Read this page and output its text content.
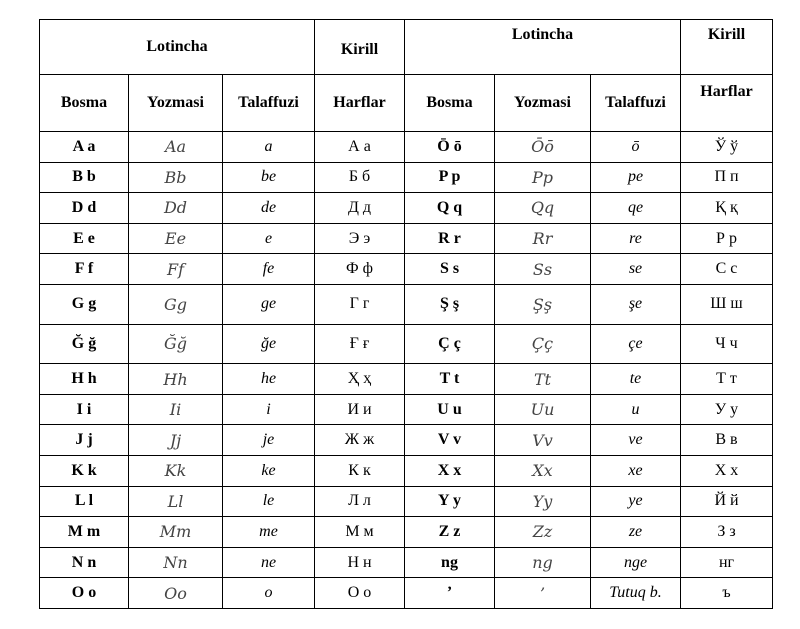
Lotincha			Kirill	Lotincha			Kirill
Bosma	Yozmasi	Talaffuzi	Harflar	Bosma	Yozmasi	Talaffuzi	Harflar
A a	Aa	a	А а	Ō ō	Ōō	ō	Ў ў
B b	Bb	be	Б б	P p	Pp	pe	П п
D d	Dd	de	Д д	Q q	Qq	qe	Қ қ
E e	Ee	e	Э э	R r	Rr	re	Р р
F f	Ff	fe	Ф ф	S s	Ss	se	С с
G g	Gg	ge	Г г	Ş ş	Şş	şe	Ш ш
Ğ ğ	Ğğ	ğe	Ғ ғ	Ç ç	Çç	çe	Ч ч
H h	Hh	he	Ҳ ҳ	T t	Tt	te	Т т
I i	Ii	i	И и	U u	Uu	u	У у
J j	Jj	je	Ж ж	V v	Vv	ve	В в
K k	Kk	ke	К к	X x	Xx	xe	Х х
L l	Ll	le	Л л	Y y	Yy	ye	Й й
M m	Mm	me	М м	Z z	Zz	ze	З з
N n	Nn	ne	Н н	ng	ng	nge	нг
O o	Oo	o	О о	’	’	Tutuq b.	ъ
